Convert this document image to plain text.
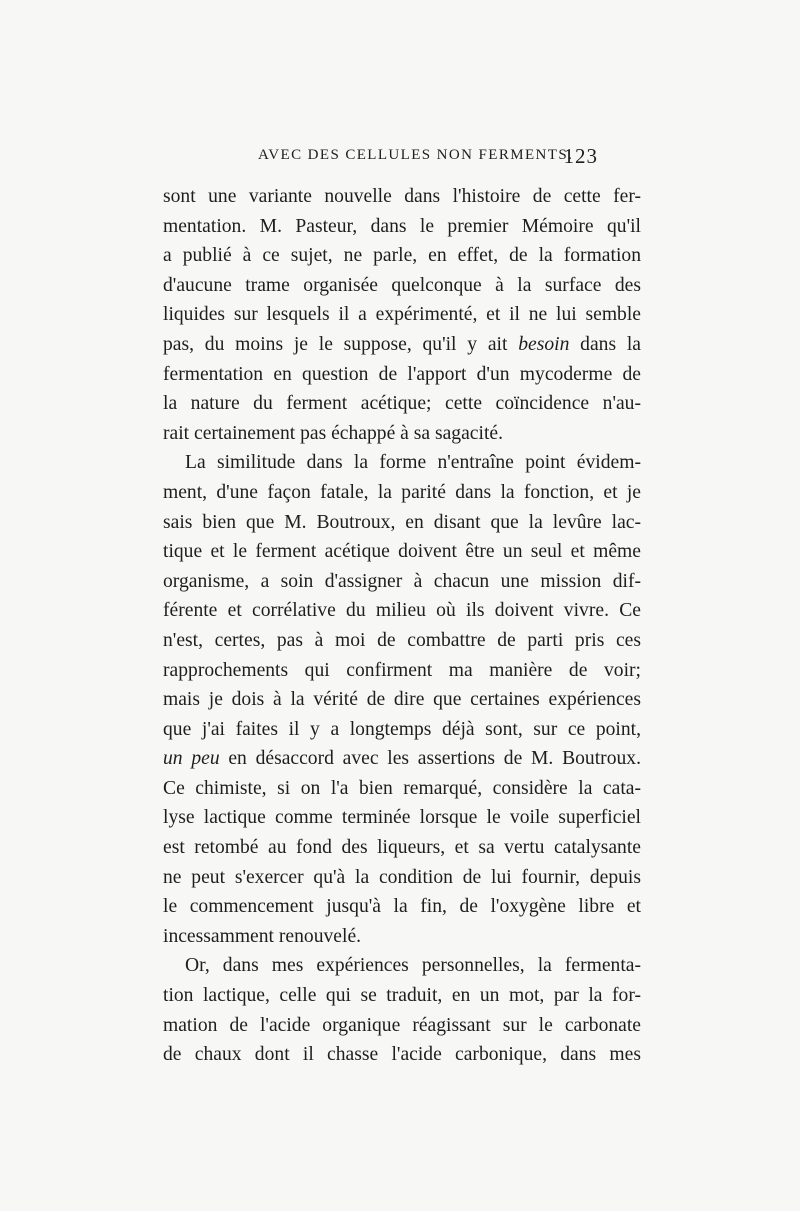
AVEC DES CELLULES NON FERMENTS.
123
sont une variante nouvelle dans l'histoire de cette fer-
mentation. M. Pasteur, dans le premier Mémoire qu'il
a publié à ce sujet, ne parle, en effet, de la formation
d'aucune trame organisée quelconque à la surface des
liquides sur lesquels il a expérimenté, et il ne lui semble
pas, du moins je le suppose, qu'il y ait besoin dans la
fermentation en question de l'apport d'un mycoderme de
la nature du ferment acétique; cette coïncidence n'au-
rait certainement pas échappé à sa sagacité.
La similitude dans la forme n'entraîne point évidem-
ment, d'une façon fatale, la parité dans la fonction, et je
sais bien que M. Boutroux, en disant que la levûre lac-
tique et le ferment acétique doivent être un seul et même
organisme, a soin d'assigner à chacun une mission dif-
férente et corrélative du milieu où ils doivent vivre. Ce
n'est, certes, pas à moi de combattre de parti pris ces
rapprochements qui confirment ma manière de voir;
mais je dois à la vérité de dire que certaines expériences
que j'ai faites il y a longtemps déjà sont, sur ce point,
un peu en désaccord avec les assertions de M. Boutroux.
Ce chimiste, si on l'a bien remarqué, considère la cata-
lyse lactique comme terminée lorsque le voile superficiel
est retombé au fond des liqueurs, et sa vertu catalysante
ne peut s'exercer qu'à la condition de lui fournir, depuis
le commencement jusqu'à la fin, de l'oxygène libre et
incessamment renouvelé.
Or, dans mes expériences personnelles, la fermenta-
tion lactique, celle qui se traduit, en un mot, par la for-
mation de l'acide organique réagissant sur le carbonate
de chaux dont il chasse l'acide carbonique, dans mes
